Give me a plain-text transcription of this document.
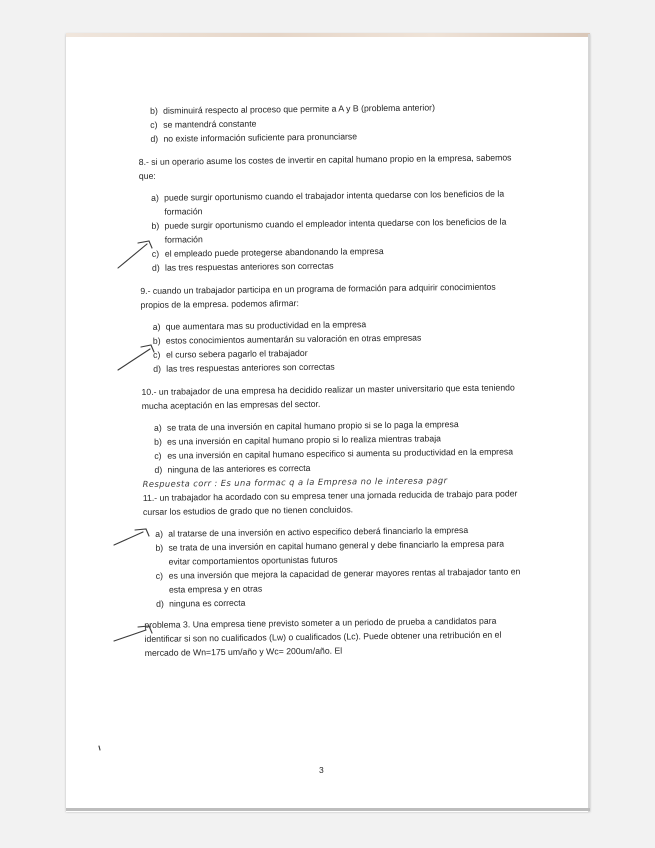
b) disminuirá respecto al proceso que permite a A y B (problema anterior)
c) se mantendrá constante
d) no existe información suficiente para pronunciarse
8.- si un operario asume los costes de invertir en capital humano propio en la empresa, sabemos que:
a) puede surgir oportunismo cuando el trabajador intenta quedarse con los beneficios de la formación
b) puede surgir oportunismo cuando el empleador intenta quedarse con los beneficios de la formación
c) el empleado puede protegerse abandonando la empresa
d) las tres respuestas anteriores son correctas
9.- cuando un trabajador participa en un programa de formación para adquirir conocimientos propios de la empresa. podemos afirmar:
a) que aumentara mas su productividad en la empresa
b) estos conocimientos aumentarán su valoración en otras empresas
c) el curso sebera pagarlo el trabajador
d) las tres respuestas anteriores son correctas
10.- un trabajador de una empresa ha decidido realizar un master universitario que esta teniendo mucha aceptación en las empresas del sector.
a) se trata de una inversión en capital humano propio si se lo paga la empresa
b) es una inversión en capital humano propio si lo realiza mientras trabaja
c) es una inversión en capital humano especifico si aumenta su productividad en la empresa
d) ninguna de las anteriores es correcta
Respuesta corr : Es una formac q a la Empresa no le interesa pagr
11.- un trabajador ha acordado con su empresa tener una jornada reducida de trabajo para poder cursar los estudios de grado que no tienen concluidos.
a) al tratarse de una inversión en activo especifico deberá financiarlo la empresa
b) se trata de una inversión en capital humano general y debe financiarlo la empresa para evitar comportamientos oportunistas futuros
c) es una inversión que mejora la capacidad de generar mayores rentas al trabajador tanto en esta empresa y en otras
d) ninguna es correcta
problema 3. Una empresa tiene previsto someter a un periodo de prueba a candidatos para identificar si son no cualificados (Lw) o cualificados (Lc). Puede obtener una retribución en el mercado de Wn=175 um/año y Wc= 200um/año. El
3
